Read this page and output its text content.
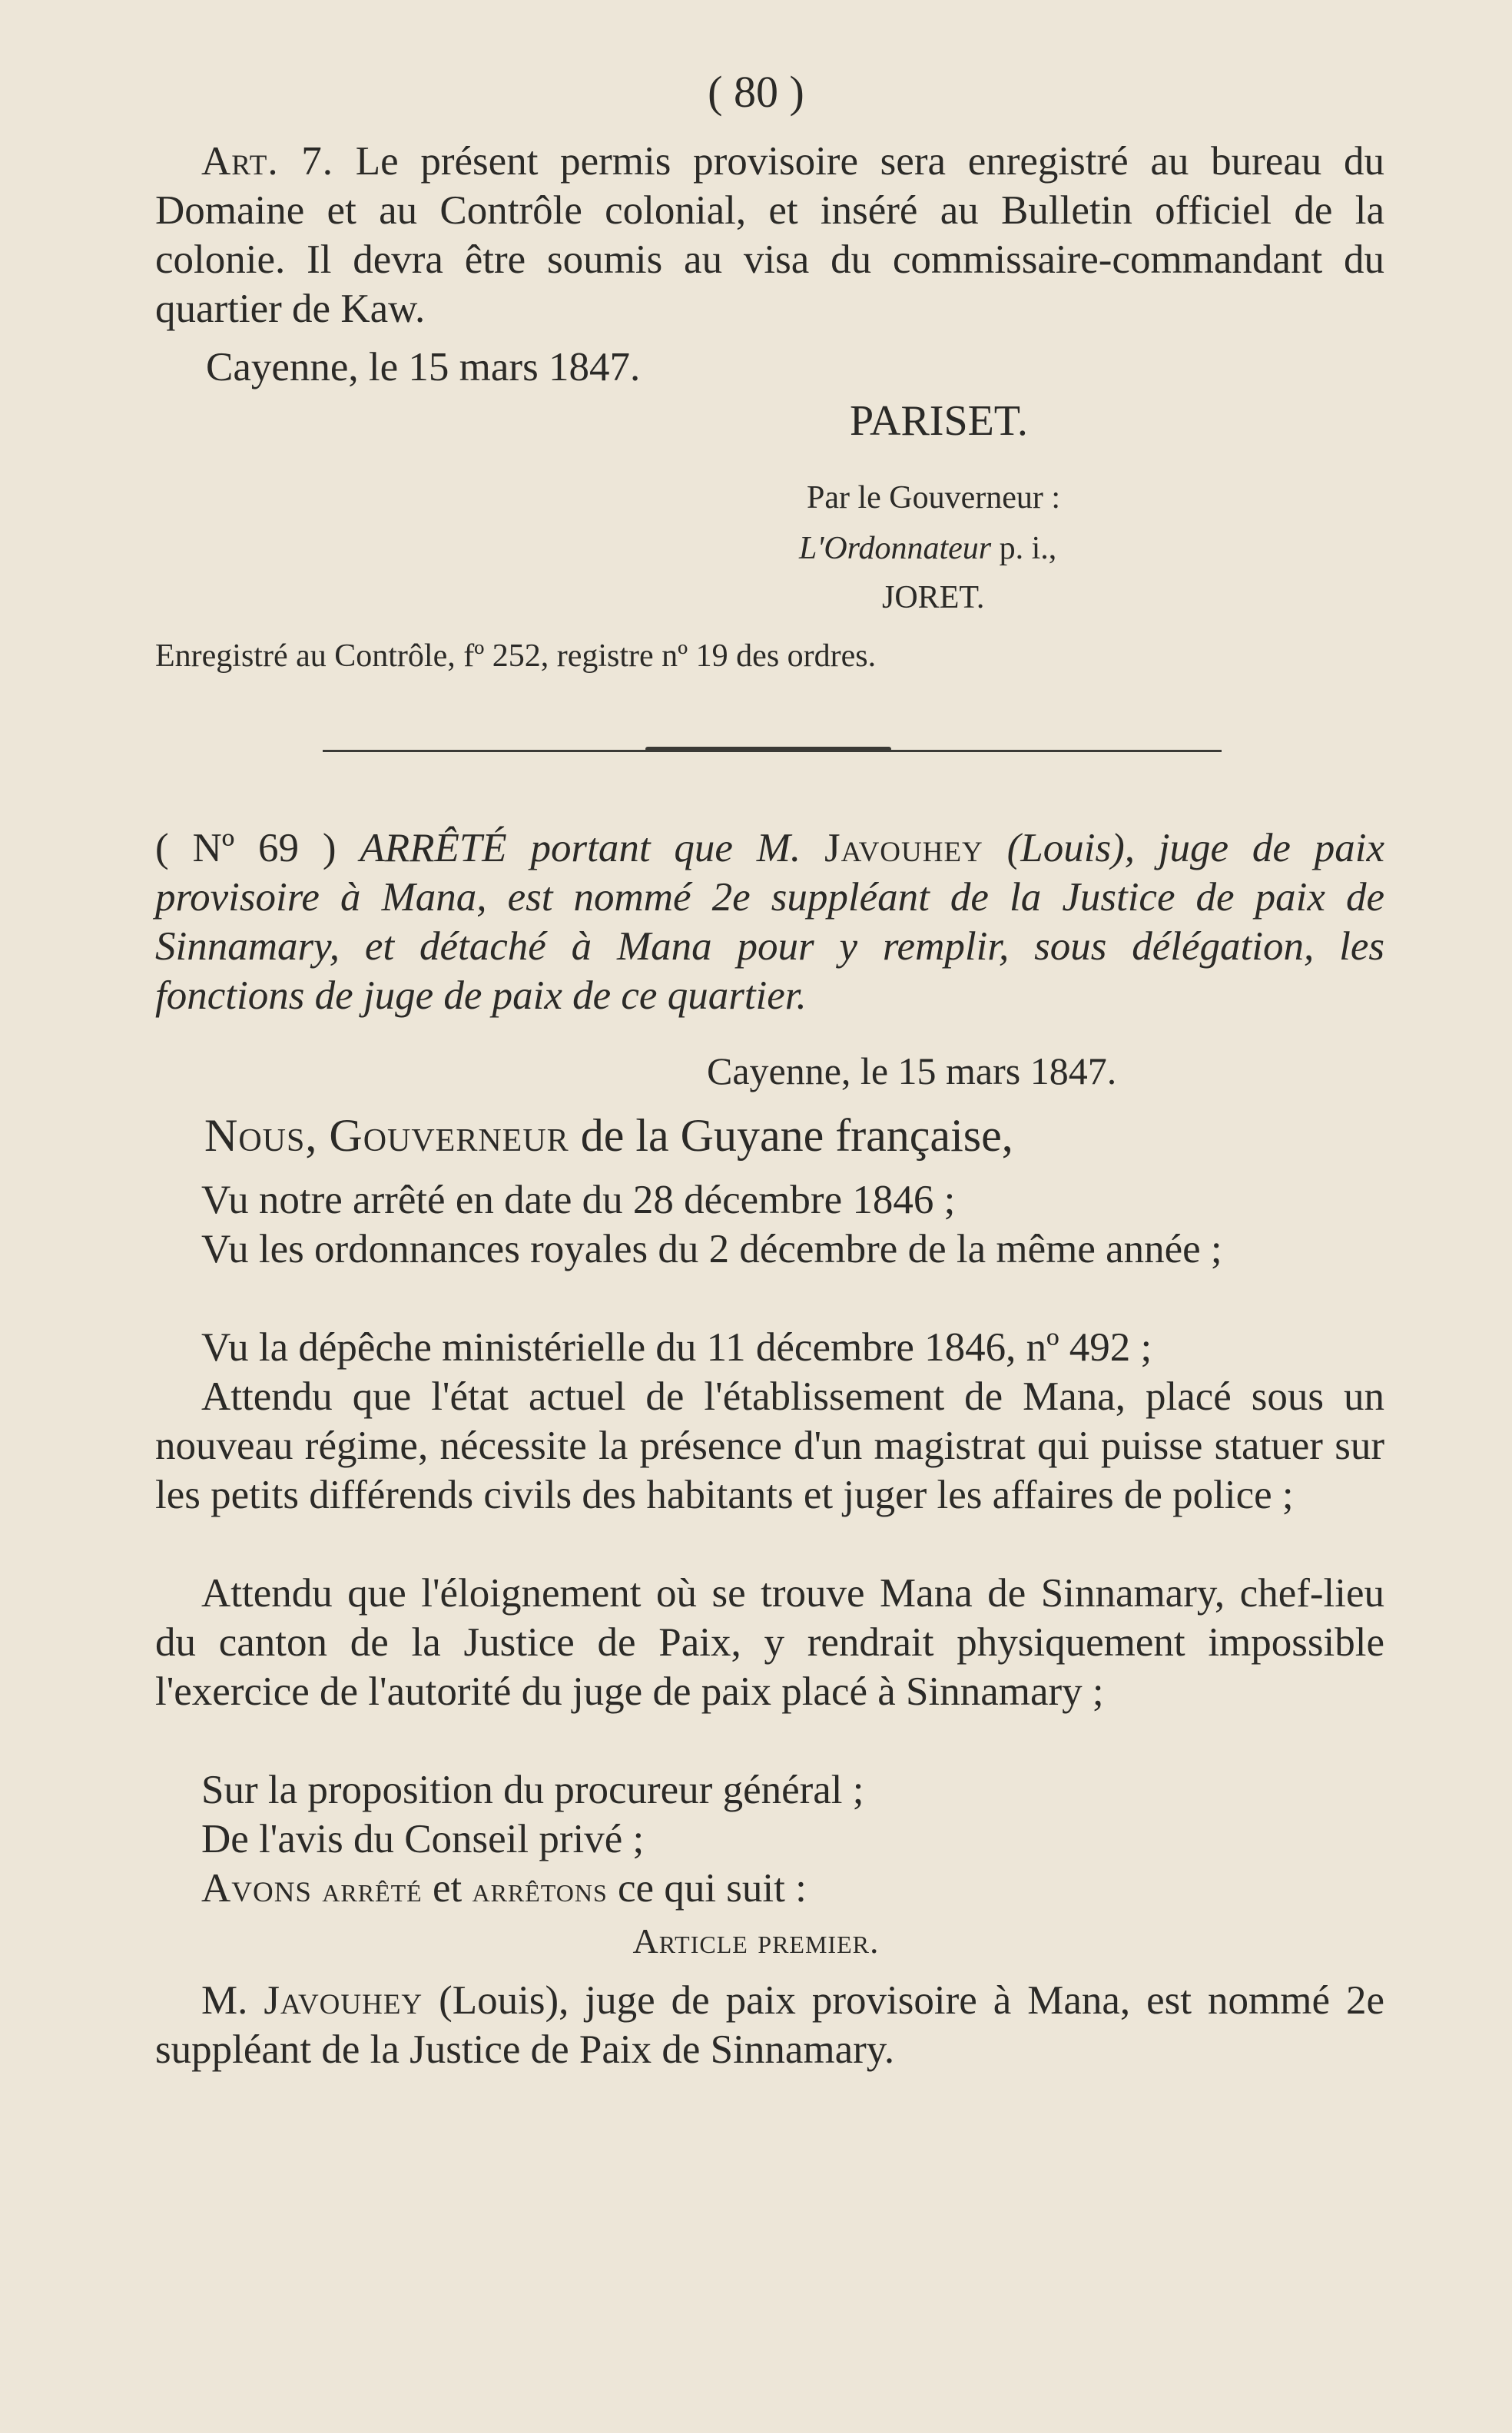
( 80 )
Art. 7. Le présent permis provisoire sera enregistré au bureau du Domaine et au Contrôle colonial, et inséré au Bulletin officiel de la colonie. Il devra être soumis au visa du commissaire-commandant du quartier de Kaw.
Cayenne, le 15 mars 1847.
PARISET.
Par le Gouverneur :
L'Ordonnateur p. i.,
JORET.
Enregistré au Contrôle, fº 252, registre nº 19 des ordres.
( Nº 69 ) ARRÊTÉ portant que M. Javouhey (Louis), juge de paix provisoire à Mana, est nommé 2e suppléant de la Justice de paix de Sinnamary, et détaché à Mana pour y remplir, sous délégation, les fonctions de juge de paix de ce quartier.
Cayenne, le 15 mars 1847.
Nous, Gouverneur de la Guyane française,
Vu notre arrêté en date du 28 décembre 1846 ;
Vu les ordonnances royales du 2 décembre de la même année ;
Vu la dépêche ministérielle du 11 décembre 1846, nº 492 ;
Attendu que l'état actuel de l'établissement de Mana, placé sous un nouveau régime, nécessite la présence d'un magistrat qui puisse statuer sur les petits différends civils des habitants et juger les affaires de police ;
Attendu que l'éloignement où se trouve Mana de Sinnamary, chef-lieu du canton de la Justice de Paix, y rendrait physiquement impossible l'exercice de l'autorité du juge de paix placé à Sinnamary ;
Sur la proposition du procureur général ;
De l'avis du Conseil privé ;
Avons arrêté et arrêtons ce qui suit :
Article premier.
M. Javouhey (Louis), juge de paix provisoire à Mana, est nommé 2e suppléant de la Justice de Paix de Sinnamary.
